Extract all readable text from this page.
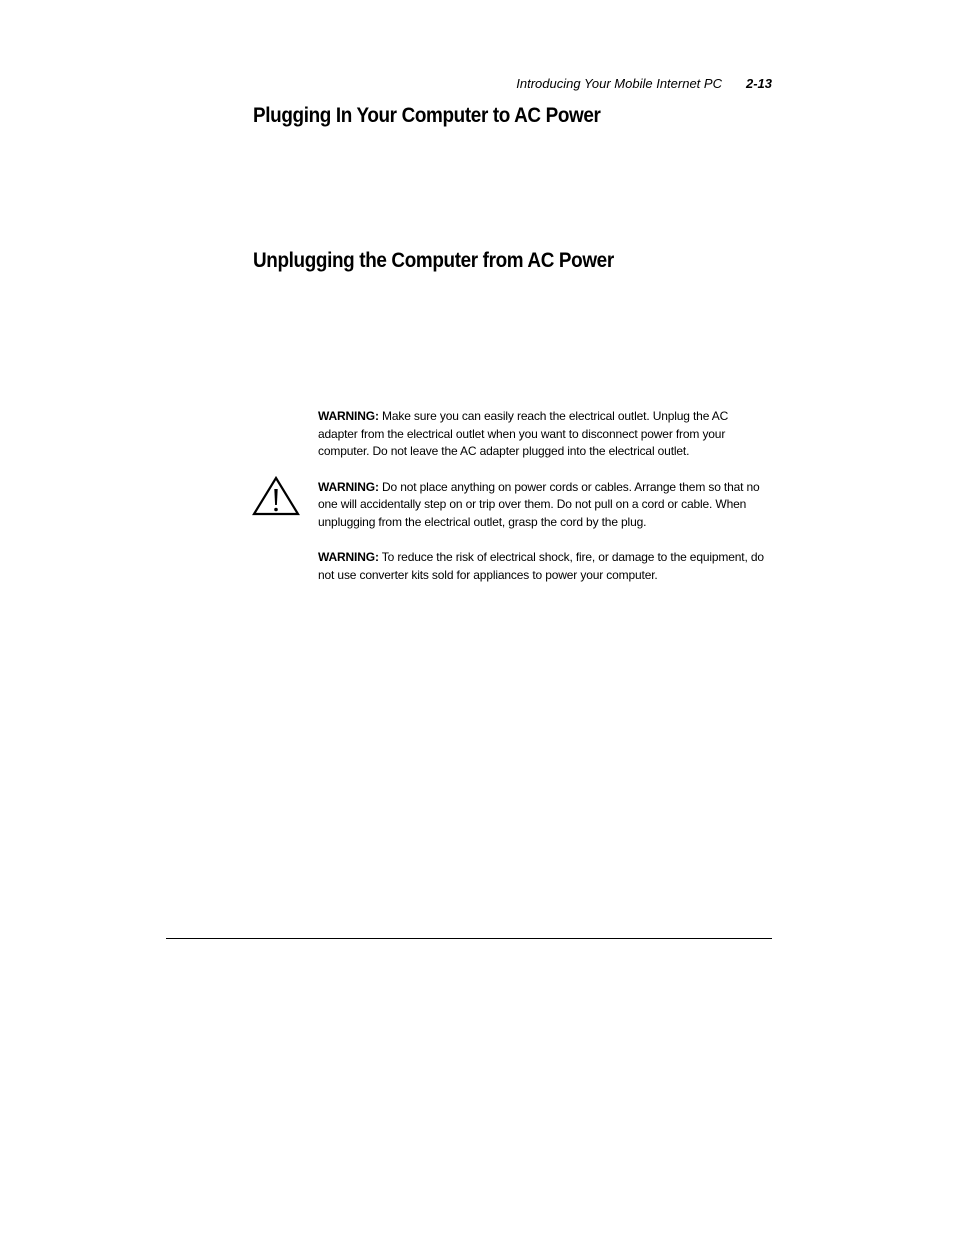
Introducing Your Mobile Internet PC 2-13
Plugging In Your Computer to AC Power
Unplugging the Computer from AC Power

WARNING: Make sure you can easily reach the electrical outlet. Unplug the AC adapter from the electrical outlet when you want to disconnect power from your computer. Do not leave the AC adapter plugged into the electrical outlet.

WARNING: Do not place anything on power cords or cables. Arrange them so that no one will accidentally step on or trip over them. Do not pull on a cord or cable. When unplugging from the electrical outlet, grasp the cord by the plug.

WARNING: To reduce the risk of electrical shock, fire, or damage to the equipment, do not use converter kits sold for appliances to power your computer.
